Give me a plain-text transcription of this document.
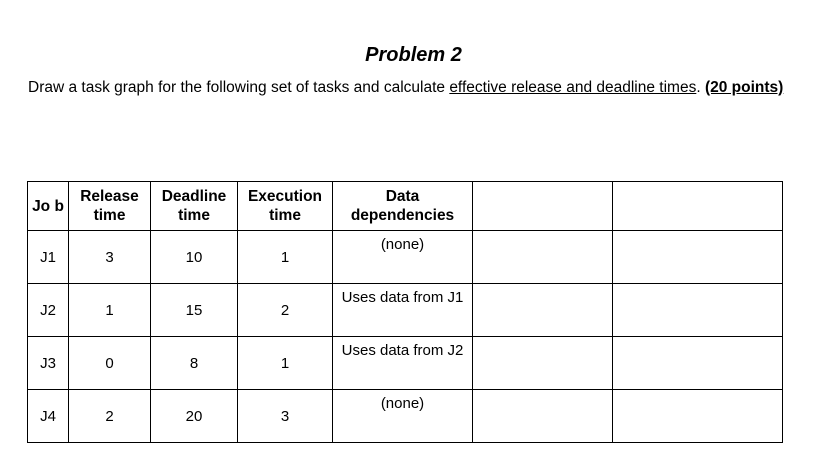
Problem 2
Draw a task graph for the following set of tasks and calculate effective release and deadline times. (20 points)
Jo b	Release time	Deadline time	Execution time	Data dependencies		

J1	3	10	1	(none)		
J2	1	15	2	Uses data from J1		
J3	0	8	1	Uses data from J2		
J4	2	20	3	(none)		
